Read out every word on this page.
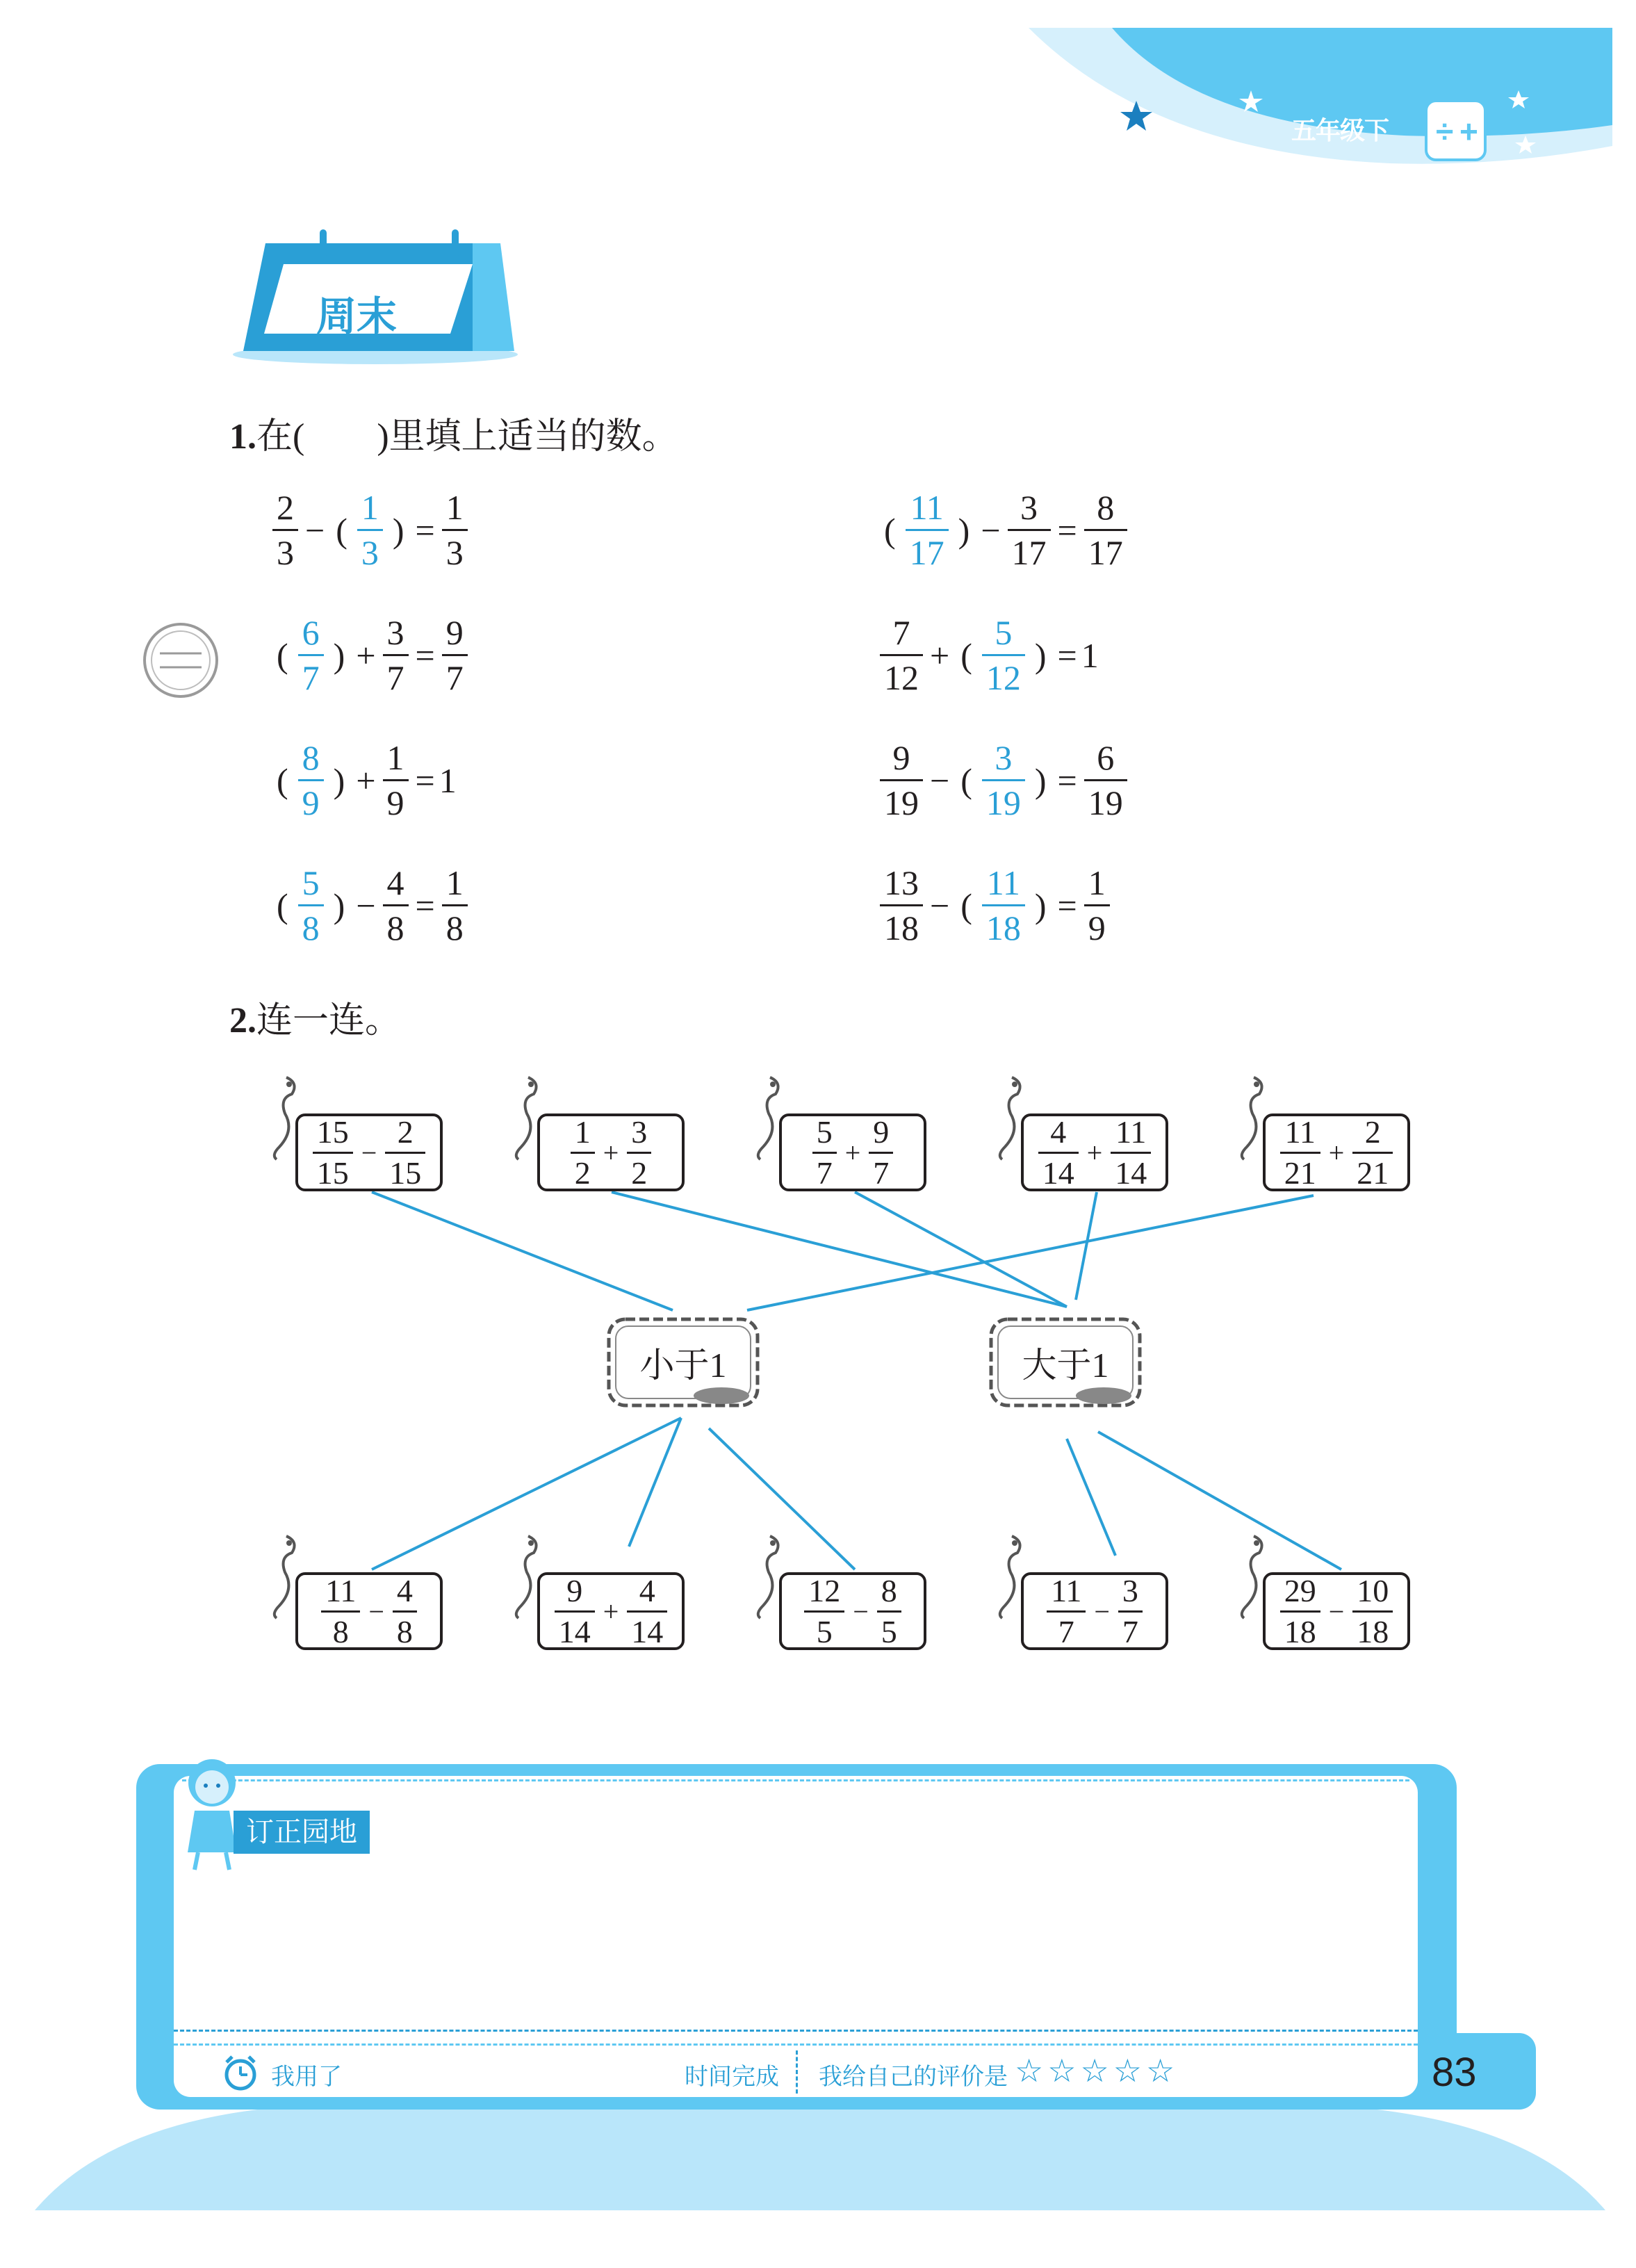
÷ +
五年级下
周末
1.在(　　)里填上适当的数。
$\frac{2}{3}$ − ( $\frac{1}{3}$ ) = $\frac{1}{3}$	( $\frac{11}{17}$ ) − $\frac{3}{17} = \frac{8}{17}$
( $\frac{6}{7}$ ) + $\frac{3}{7} = \frac{9}{7}$	$\frac{7}{12}$ + ( $\frac{5}{12}$ ) = 1
( $\frac{8}{9}$ ) + $\frac{1}{9} = 1$	$\frac{9}{19}$ − ( $\frac{3}{19}$ ) = $\frac{6}{19}$
( $\frac{5}{8}$ ) − $\frac{4}{8} = \frac{1}{8}$	$\frac{13}{18}$ − ( $\frac{11}{18}$ ) = $\frac{1}{9}$
2.连一连。
$\frac{15}{15} - \frac{2}{15}$	$\frac{1}{2} + \frac{3}{2}$	$\frac{5}{7} + \frac{9}{7}$	$\frac{4}{14} + \frac{11}{14}$	$\frac{11}{21} + \frac{2}{21}$
小于1	大于1
$\frac{11}{8} - \frac{4}{8}$	$\frac{9}{14} + \frac{4}{14}$	$\frac{12}{5} - \frac{8}{5}$	$\frac{11}{7} - \frac{3}{7}$	$\frac{29}{18} - \frac{10}{18}$
订正园地
我用了	时间完成 我给自己的评价是 ☆☆☆☆☆	83
